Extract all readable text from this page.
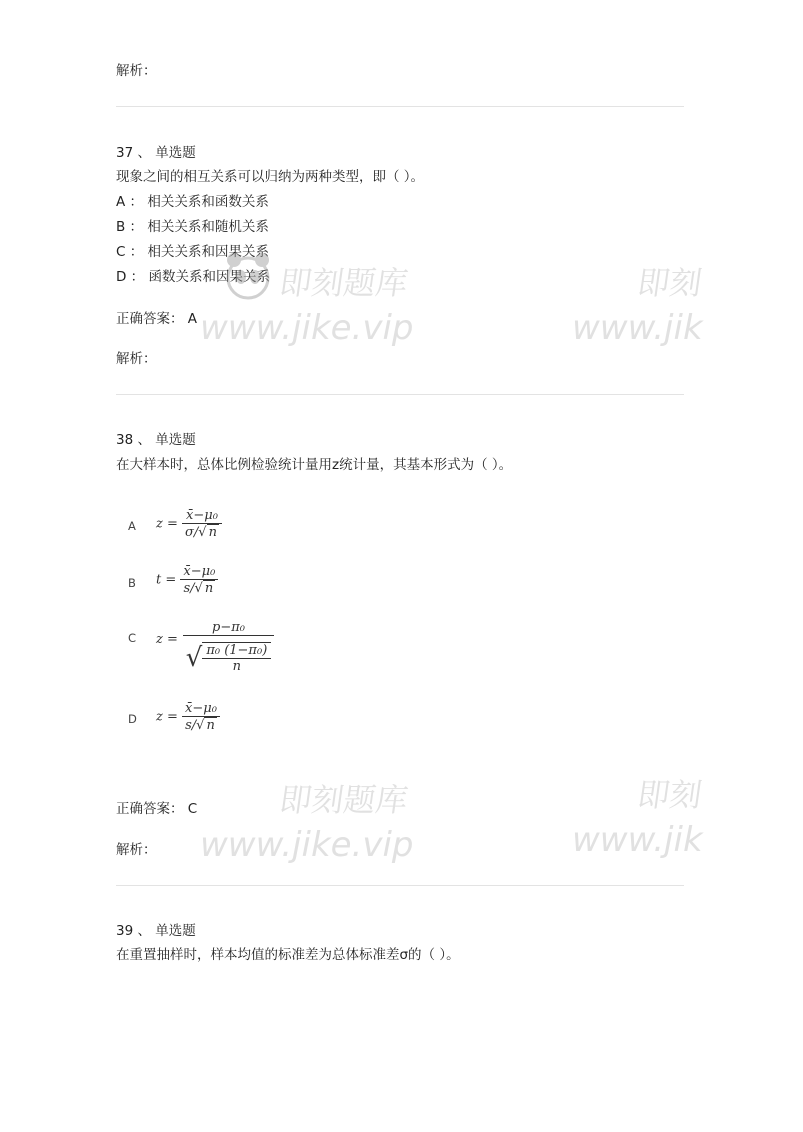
解析：
37 、 单选题
现象之间的相互关系可以归纳为两种类型，即（ ）。
A ： 相关关系和函数关系
B ： 相关关系和随机关系
C ： 相关关系和因果关系
D ： 函数关系和因果关系
正确答案： A
解析：
38 、 单选题
在大样本时，总体比例检验统计量用z统计量，其基本形式为（ ）。
A $z = \frac{\text{x̄−μ₀}}{\sigma/√ n}$
B $t = \frac{\text{x̄−μ₀}}{s/√ n}$
C $z = \frac{\text{p−π₀}}{√ \frac{\text{π₀ (1−π₀)}}{n}}$
D $z = \frac{\text{x̄−μ₀}}{s/√ n}$
正确答案： C
解析：
39 、 单选题
在重置抽样时，样本均值的标准差为总体标准差σ的（ ）。
即刻题库
www.jike.vip
即刻
www.jik
即刻题库
www.jike.vip
即刻
www.jik
